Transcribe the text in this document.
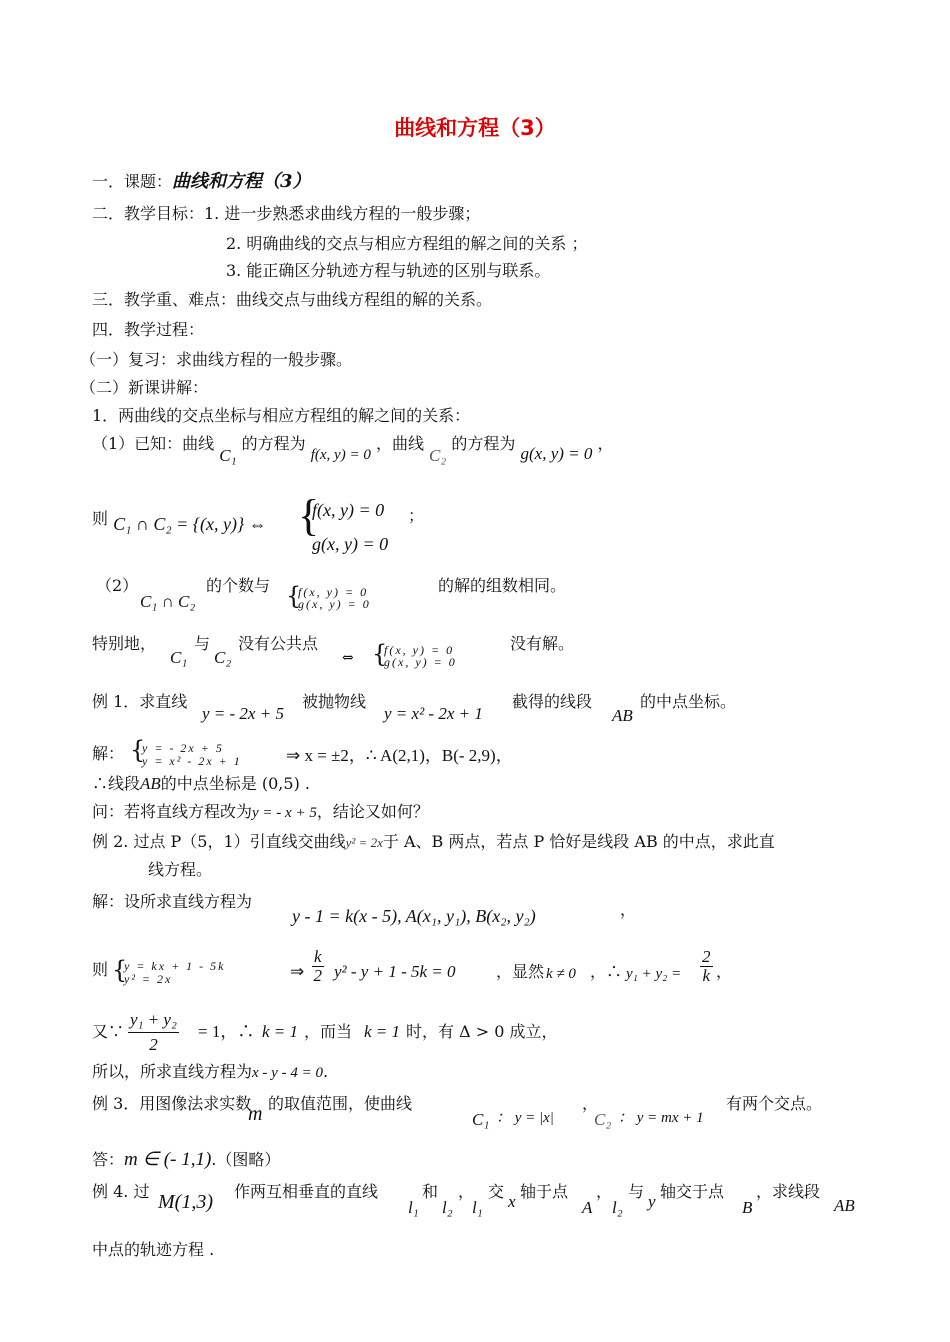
曲线和方程（3）
一．课题：曲线和方程（3）
二．教学目标：1. 进一步熟悉求曲线方程的一般步骤；
2. 明确曲线的交点与相应方程组的解之间的关系 ；
3. 能正确区分轨迹方程与轨迹的区别与联系。
三．教学重、难点：曲线交点与曲线方程组的解的关系。
四．教学过程：
（一）复习：求曲线方程的一般步骤。
（二）新课讲解：
1．两曲线的交点坐标与相应方程组的解之间的关系：
（1）已知：曲线 C₁ 的方程为 f(x, y) = 0 ，曲线 C₂ 的方程为 g(x, y) = 0 ，
则 C₁ ∩ C₂ = {(x, y)} ⇔ {
f(x, y) = 0
g(x, y) = 0
；
（2）
C₁ ∩ C₂
的个数与 {
f(x, y) = 0
g(x, y) = 0
的解的组数相同。
特别地，
C₁
与
C₂
没有公共点
⇔ {
f(x, y) = 0
g(x, y) = 0
没有解。
例 1．求直线
y = - 2x + 5
被抛物线
y = x² - 2x + 1
截得的线段
AB
的中点坐标。
解： {
y = - 2x + 5
y = x² - 2x + 1	⇒ x = ±2，∴ A(2,1)，B(- 2,9)，
∴线段AB的中点坐标是 (0,5) .
问：若将直线方程改为y = - x + 5，结论又如何？
例 2. 过点 P（5，1）引直线交曲线y² = 2x于 A、B 两点，若点 P 恰好是线段 AB 的中点，求此直
线方程。
解：设所求直线方程为
y - 1 = k(x - 5), A(x₁, y₁), B(x₂, y₂)	，
则 {
y = kx + 1 - 5k
y² = 2x	⇒ $\frac{k}{2} y^2 - y + 1 - 5k = 0$	，显然 k ≠ 0 ，∴ $y_1 + y_2 = \frac{2}{k}$ ，
又∵ $\frac{\text{y₁ + y₂}}{2} = 1$，∴ k = 1 ，而当 k = 1 时，有 Δ > 0 成立，
所以，所求直线方程为x - y - 4 = 0.
例 3．用图像法求实数
m 的取值范围，使曲线
C₁ ： y = |x|
，
C₂ ： y = mx + 1
有两个交点。
答：m ∈ (- 1,1).（图略）
例 4. 过 M(1,3) 作两互相垂直的直线
l₁
和
l₂
，
l₁
交
x
轴于点
A
，
l₂
与
y
轴交于点
B
，求线段
AB
中点的轨迹方程 .
